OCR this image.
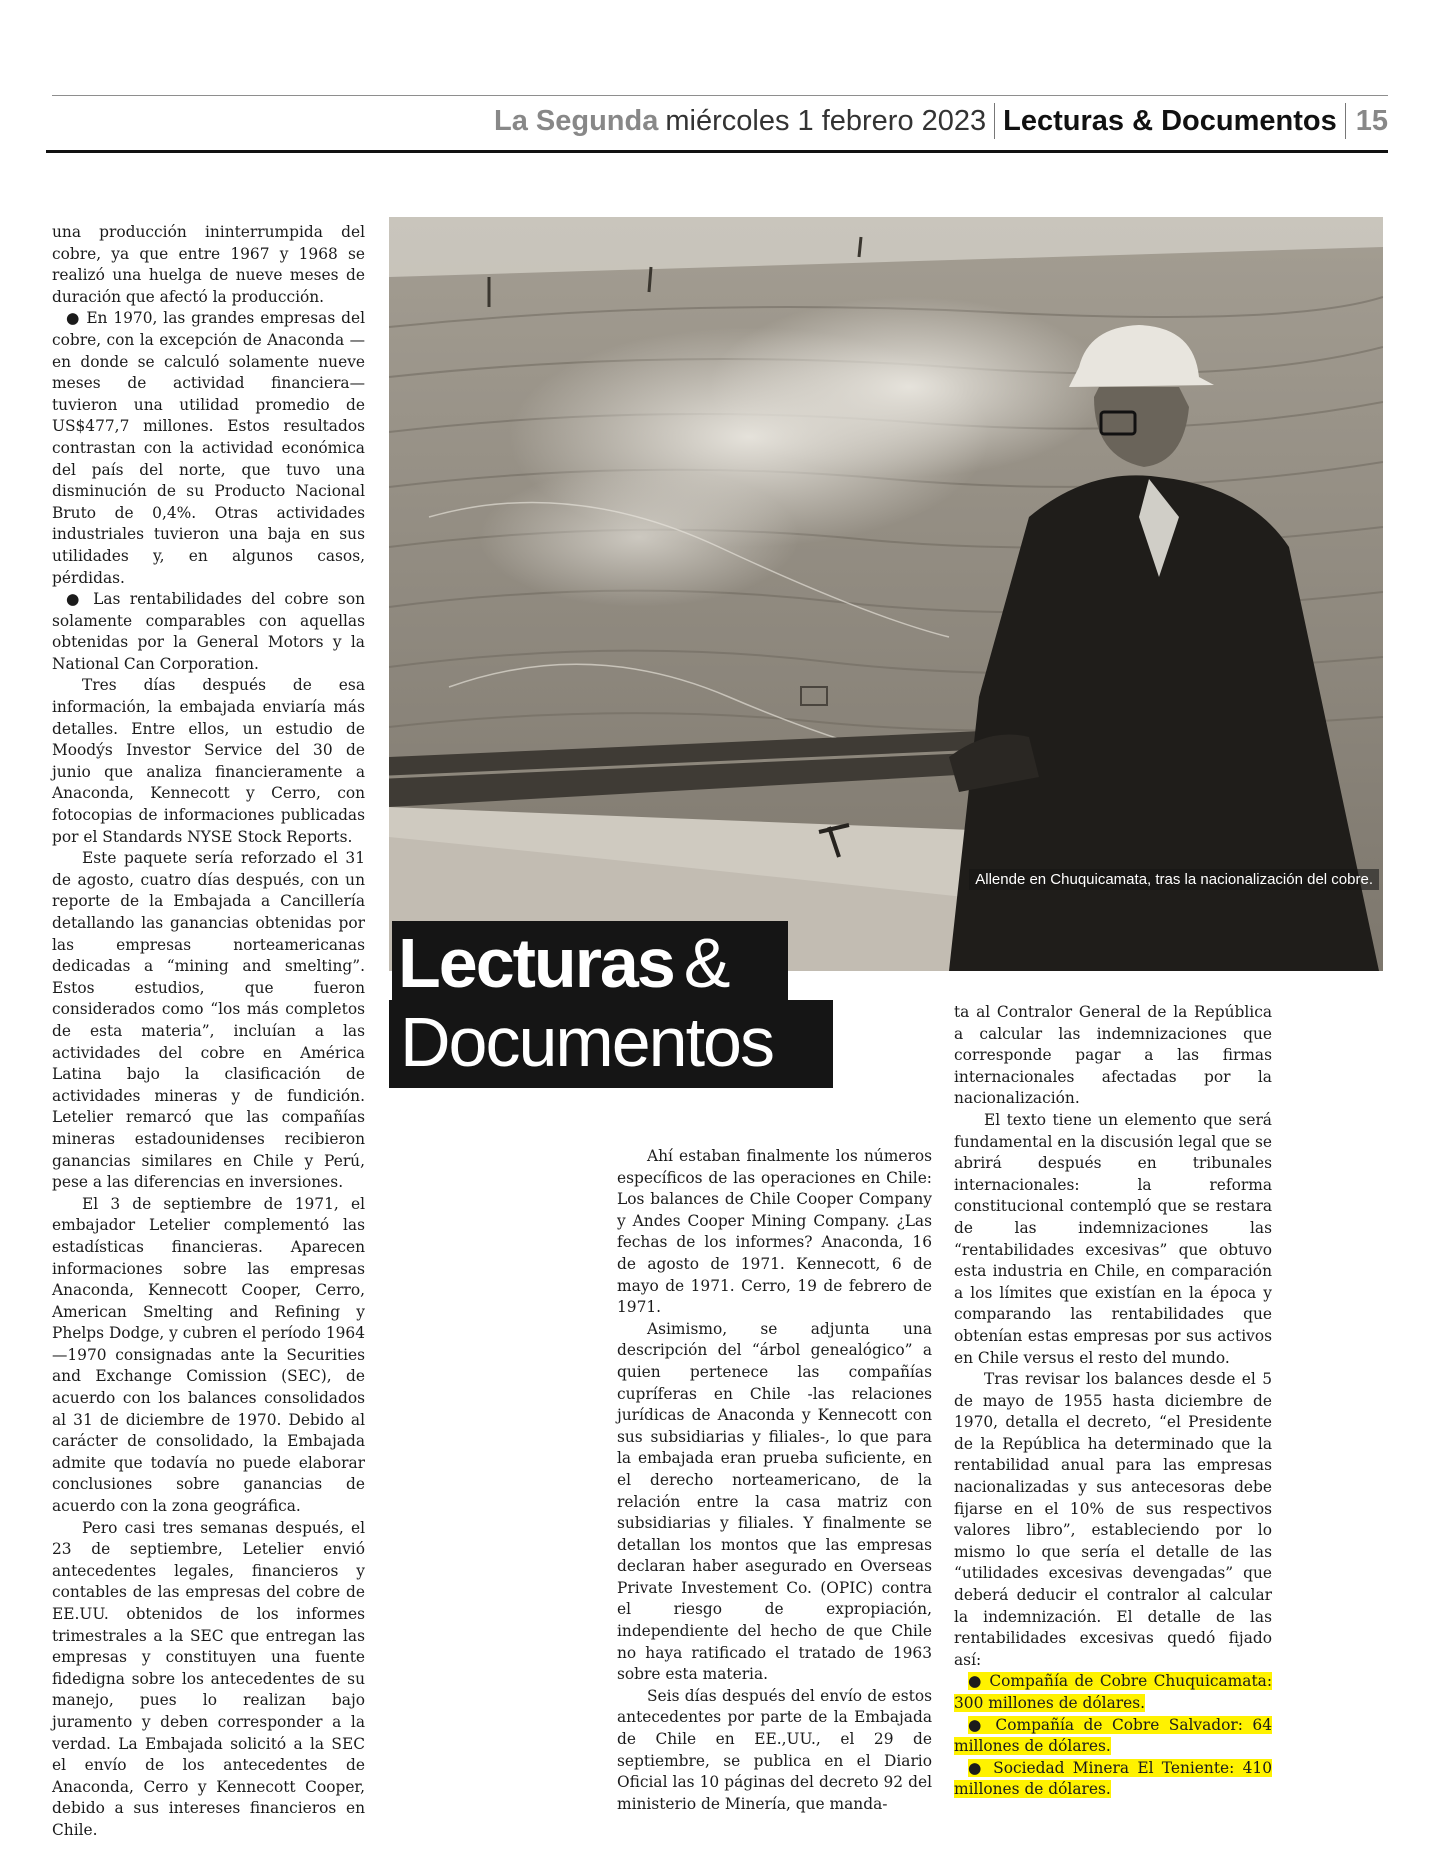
La Segunda miércoles 1 febrero 2023 Lecturas & Documentos 15
Allende en Chuquicamata, tras la nacionalización del cobre.
Lecturas &
Documentos

una producción ininterrumpida del cobre, ya que entre 1967 y 1968 se realizó una huelga de nueve meses de duración que afectó la producción.

● En 1970, las grandes empresas del cobre, con la excepción de Anaconda —en donde se calculó solamente nueve meses de actividad financiera— tuvieron una utilidad promedio de US$477,7 millones. Estos resultados contrastan con la actividad económica del país del norte, que tuvo una disminución de su Producto Nacional Bruto de 0,4%. Otras actividades industriales tuvieron una baja en sus utilidades y, en algunos casos, pérdidas.

● Las rentabilidades del cobre son solamente comparables con aquellas obtenidas por la General Motors y la National Can Corporation.

Tres días después de esa información, la embajada enviaría más detalles. Entre ellos, un estudio de Moodýs Investor Service del 30 de junio que analiza financieramente a Anaconda, Kennecott y Cerro, con fotocopias de informaciones publicadas por el Standards NYSE Stock Reports.

Este paquete sería reforzado el 31 de agosto, cuatro días después, con un reporte de la Embajada a Cancillería detallando las ganancias obtenidas por las empresas norteamericanas dedicadas a “mining and smelting”. Estos estudios, que fueron considerados como “los más completos de esta materia”, incluían a las actividades del cobre en América Latina bajo la clasificación de actividades mineras y de fundición. Letelier remarcó que las compañías mineras estadounidenses recibieron ganancias similares en Chile y Perú, pese a las diferencias en inversiones.

El 3 de septiembre de 1971, el embajador Letelier complementó las estadísticas financieras. Aparecen informaciones sobre las empresas Anaconda, Kennecott Cooper, Cerro, American Smelting and Refining y Phelps Dodge, y cubren el período 1964—1970 consignadas ante la Securities and Exchange Comission (SEC), de acuerdo con los balances consolidados al 31 de diciembre de 1970. Debido al carácter de consolidado, la Embajada admite que todavía no puede elaborar conclusiones sobre ganancias de acuerdo con la zona geográfica.

Pero casi tres semanas después, el 23 de septiembre, Letelier envió antecedentes legales, financieros y contables de las empresas del cobre de EE.UU. obtenidos de los informes trimestrales a la SEC que entregan las empresas y constituyen una fuente fidedigna sobre los antecedentes de su manejo, pues lo realizan bajo juramento y deben corresponder a la verdad. La Embajada solicitó a la SEC el envío de los antecedentes de Anaconda, Cerro y Kennecott Cooper, debido a sus intereses financieros en Chile.

Ahí estaban finalmente los números específicos de las operaciones en Chile: Los balances de Chile Cooper Company y Andes Cooper Mining Company. ¿Las fechas de los informes? Anaconda, 16 de agosto de 1971. Kennecott, 6 de mayo de 1971. Cerro, 19 de febrero de 1971.

Asimismo, se adjunta una descripción del “árbol genealógico” a quien pertenece las compañías cupríferas en Chile -las relaciones jurídicas de Anaconda y Kennecott con sus subsidiarias y filiales-, lo que para la embajada eran prueba suficiente, en el derecho norteamericano, de la relación entre la casa matriz con subsidiarias y filiales. Y finalmente se detallan los montos que las empresas declaran haber asegurado en Overseas Private Investement Co. (OPIC) contra el riesgo de expropiación, independiente del hecho de que Chile no haya ratificado el tratado de 1963 sobre esta materia.

Seis días después del envío de estos antecedentes por parte de la Embajada de Chile en EE.,UU., el 29 de septiembre, se publica en el Diario Oficial las 10 páginas del decreto 92 del ministerio de Minería, que manda-

ta al Contralor General de la República a calcular las indemnizaciones que corresponde pagar a las firmas internacionales afectadas por la nacionalización.

El texto tiene un elemento que será fundamental en la discusión legal que se abrirá después en tribunales internacionales: la reforma constitucional contempló que se restara de las indemnizaciones las “rentabilidades excesivas” que obtuvo esta industria en Chile, en comparación a los límites que existían en la época y comparando las rentabilidades que obtenían estas empresas por sus activos en Chile versus el resto del mundo.

Tras revisar los balances desde el 5 de mayo de 1955 hasta diciembre de 1970, detalla el decreto, “el Presidente de la República ha determinado que la rentabilidad anual para las empresas nacionalizadas y sus antecesoras debe fijarse en el 10% de sus respectivos valores libro”, estableciendo por lo mismo lo que sería el detalle de las “utilidades excesivas devengadas” que deberá deducir el contralor al calcular la indemnización. El detalle de las rentabilidades excesivas quedó fijado así:

● Compañía de Cobre Chuquicamata: 300 millones de dólares.

● Compañía de Cobre Salvador: 64 millones de dólares.

● Sociedad Minera El Teniente: 410 millones de dólares.
